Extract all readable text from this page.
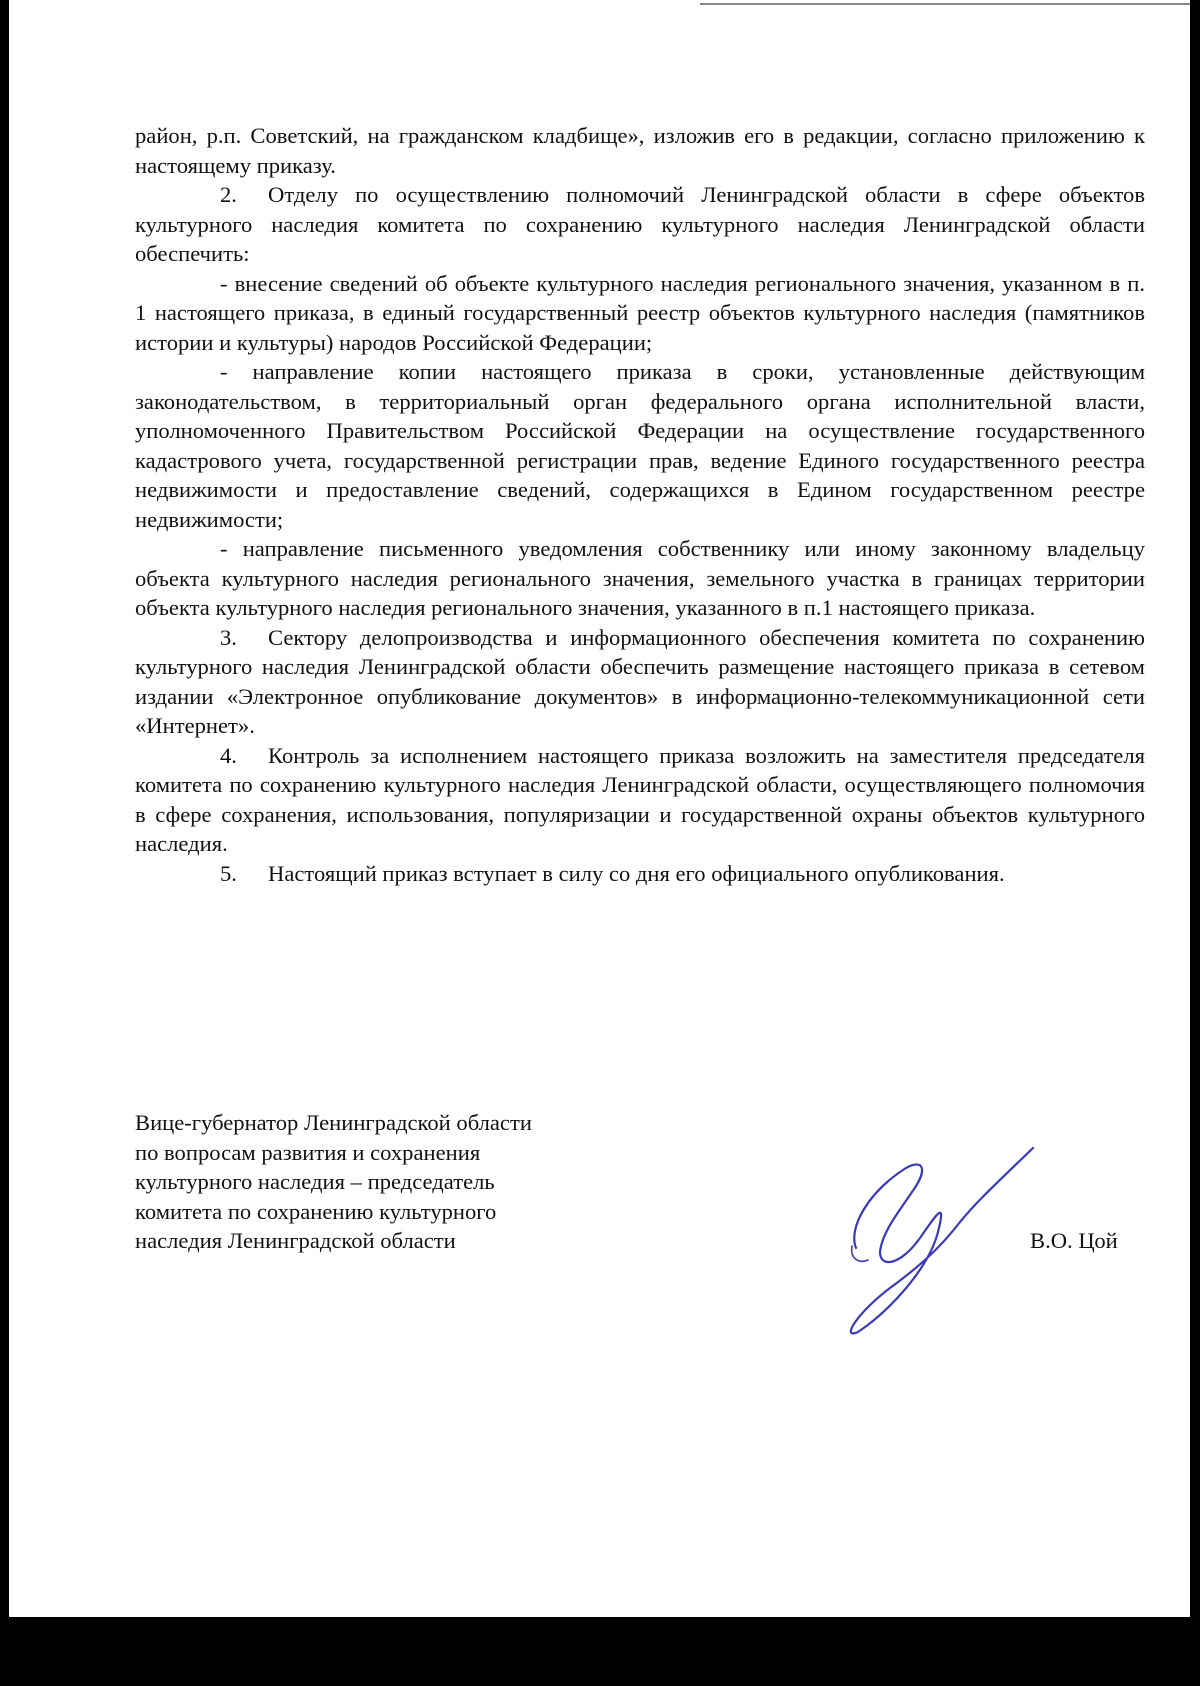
район, р.п. Советский, на гражданском кладбище», изложив его в редакции, согласно приложению к настоящему приказу.

2. Отделу по осуществлению полномочий Ленинградской области в сфере объектов культурного наследия комитета по сохранению культурного наследия Ленинградской области обеспечить:

- внесение сведений об объекте культурного наследия регионального значения, указанном в п. 1 настоящего приказа, в единый государственный реестр объектов культурного наследия (памятников истории и культуры) народов Российской Федерации;

- направление копии настоящего приказа в сроки, установленные действующим законодательством, в территориальный орган федерального органа исполнительной власти, уполномоченного Правительством Российской Федерации на осуществление государственного кадастрового учета, государственной регистрации прав, ведение Единого государственного реестра недвижимости и предоставление сведений, содержащихся в Едином государственном реестре недвижимости;

- направление письменного уведомления собственнику или иному законному владельцу объекта культурного наследия регионального значения, земельного участка в границах территории объекта культурного наследия регионального значения, указанного в п.1 настоящего приказа.

3. Сектору делопроизводства и информационного обеспечения комитета по сохранению культурного наследия Ленинградской области обеспечить размещение настоящего приказа в сетевом издании «Электронное опубликование документов» в информационно-телекоммуникационной сети «Интернет».

4. Контроль за исполнением настоящего приказа возложить на заместителя председателя комитета по сохранению культурного наследия Ленинградской области, осуществляющего полномочия в сфере сохранения, использования, популяризации и государственной охраны объектов культурного наследия.

5. Настоящий приказ вступает в силу со дня его официального опубликования.

Вице-губернатор Ленинградской области
по вопросам развития и сохранения
культурного наследия – председатель
комитета по сохранению культурного
наследия Ленинградской области	В.О. Цой
